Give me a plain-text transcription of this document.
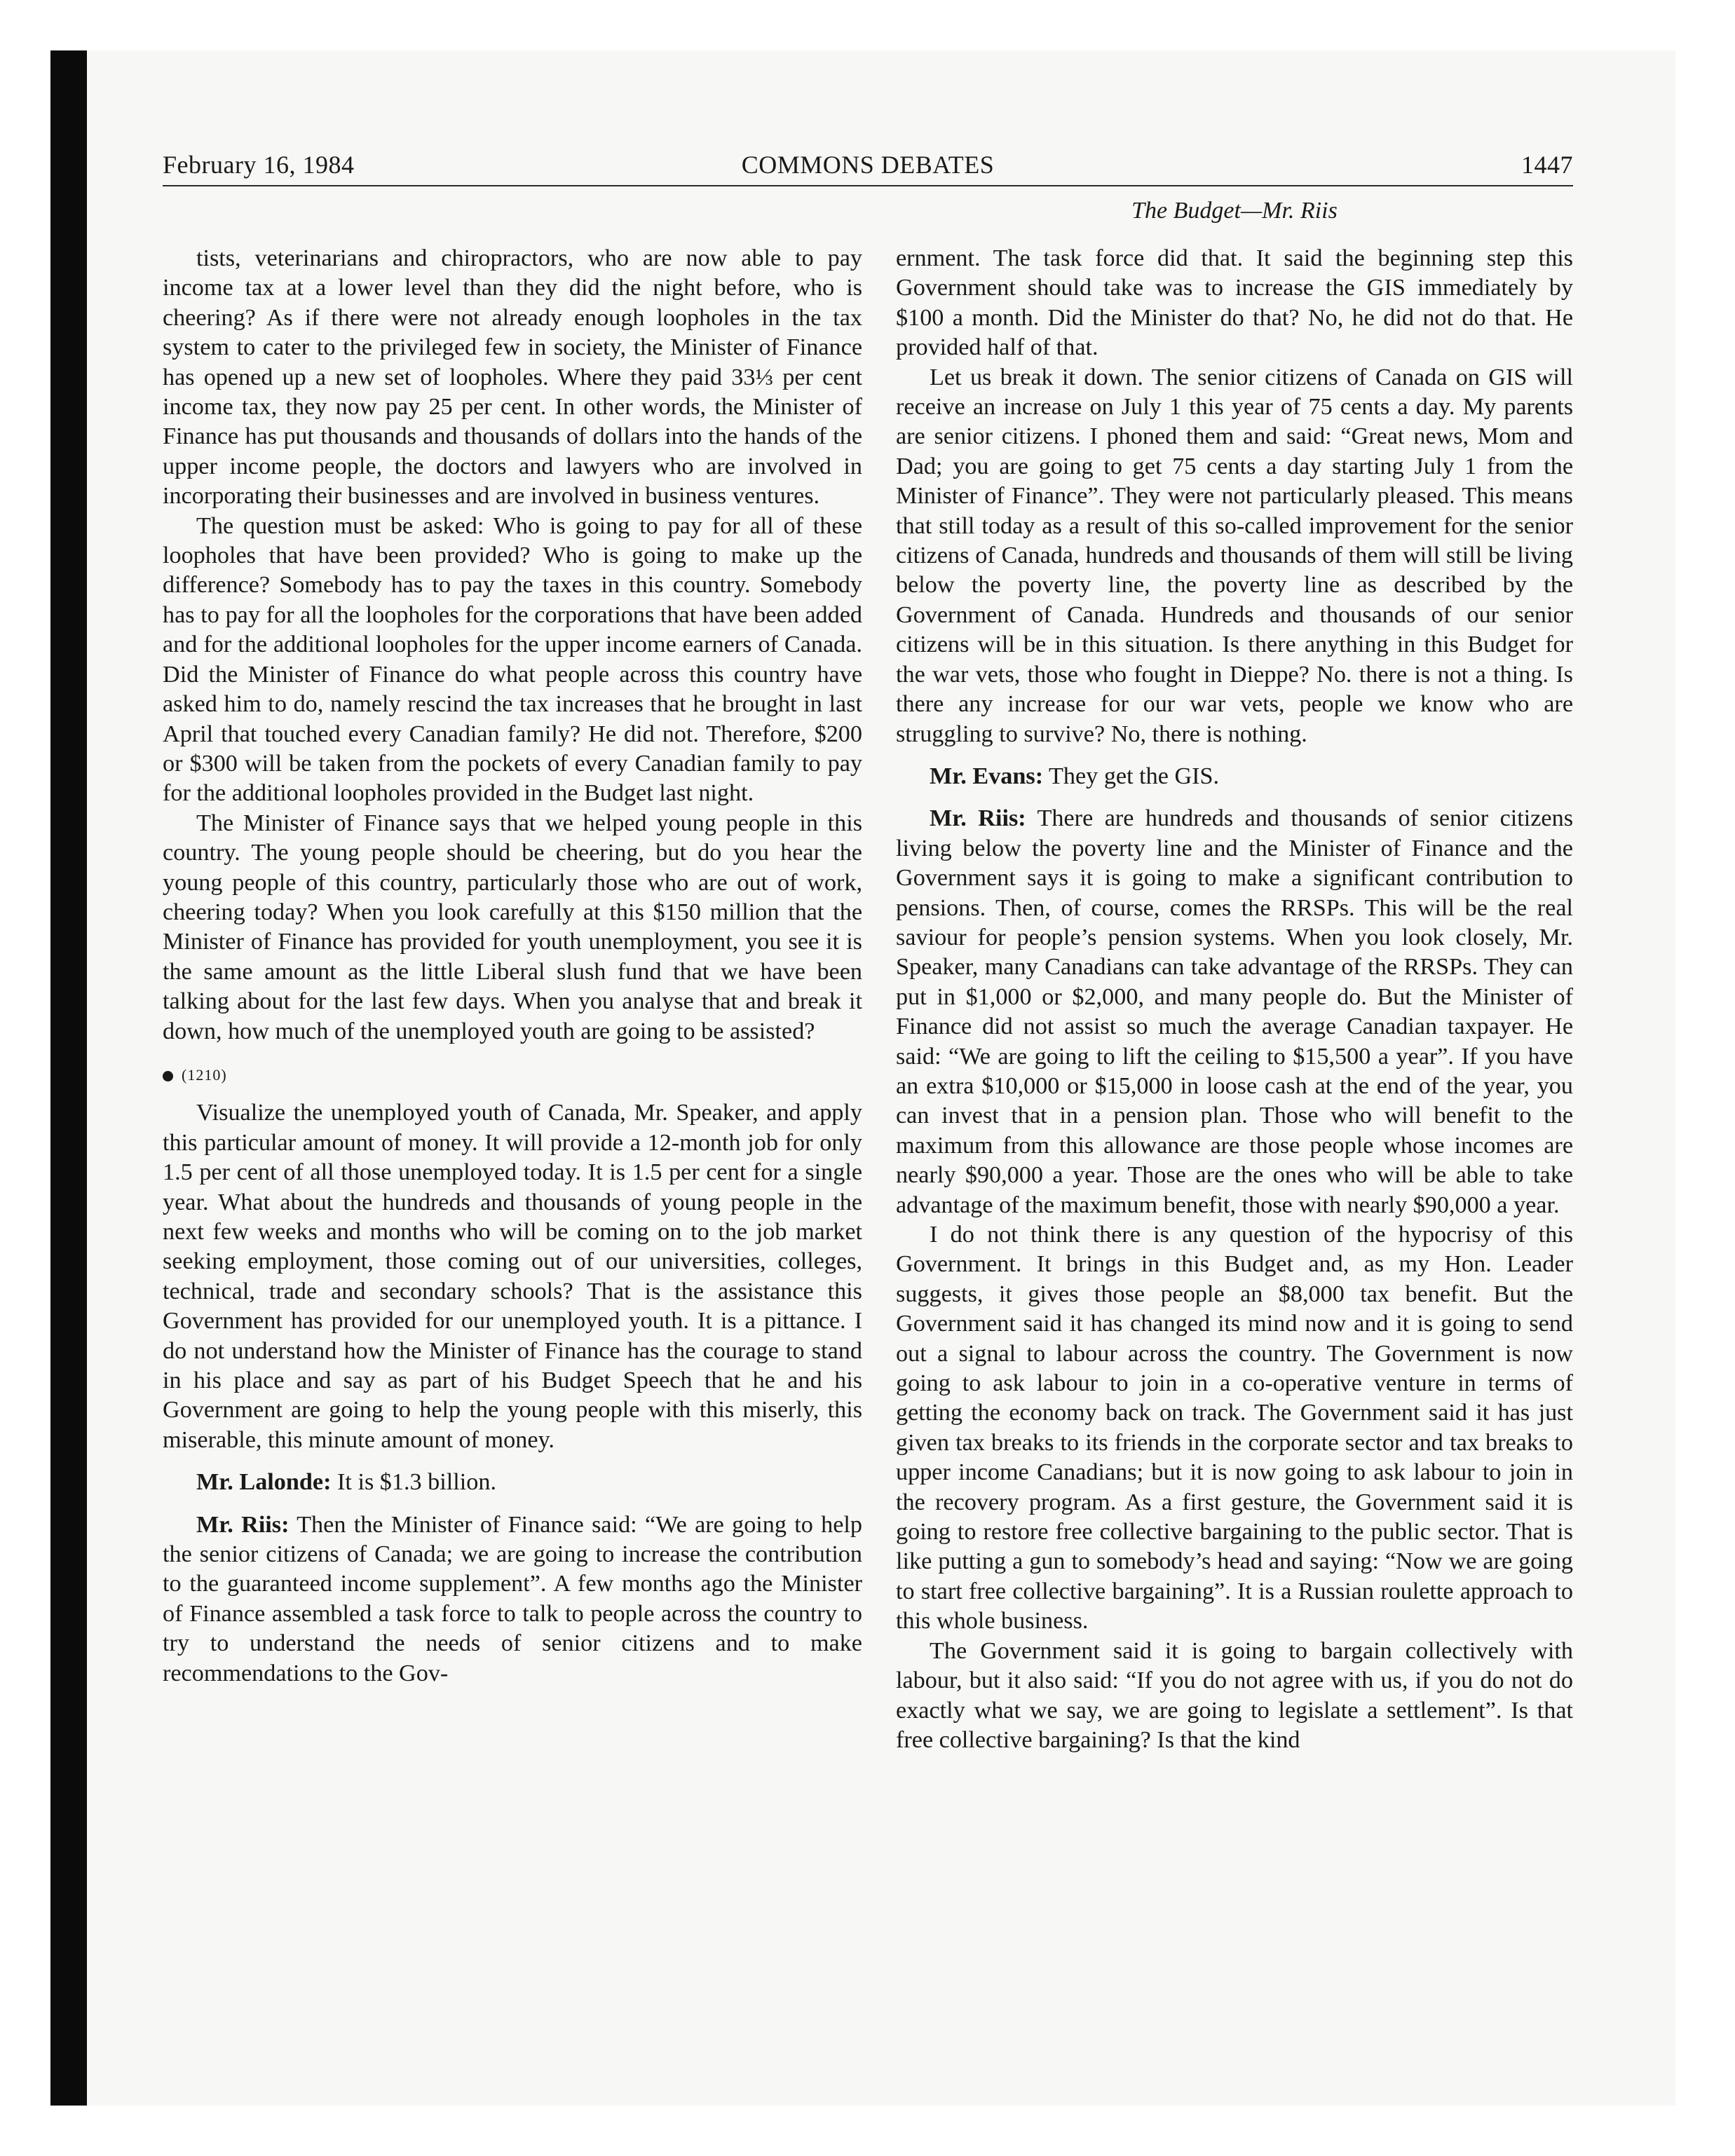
February 16, 1984	COMMONS DEBATES	1447
The Budget—Mr. Riis

tists, veterinarians and chiropractors, who are now able to pay income tax at a lower level than they did the night before, who is cheering? As if there were not already enough loopholes in the tax system to cater to the privileged few in society, the Minister of Finance has opened up a new set of loopholes. Where they paid 33⅓ per cent income tax, they now pay 25 per cent. In other words, the Minister of Finance has put thousands and thousands of dollars into the hands of the upper income people, the doctors and lawyers who are involved in incorporating their businesses and are involved in business ventures.

The question must be asked: Who is going to pay for all of these loopholes that have been provided? Who is going to make up the difference? Somebody has to pay the taxes in this country. Somebody has to pay for all the loopholes for the corporations that have been added and for the additional loopholes for the upper income earners of Canada. Did the Minister of Finance do what people across this country have asked him to do, namely rescind the tax increases that he brought in last April that touched every Canadian family? He did not. Therefore, $200 or $300 will be taken from the pockets of every Canadian family to pay for the additional loopholes provided in the Budget last night.

The Minister of Finance says that we helped young people in this country. The young people should be cheering, but do you hear the young people of this country, particularly those who are out of work, cheering today? When you look carefully at this $150 million that the Minister of Finance has provided for youth unemployment, you see it is the same amount as the little Liberal slush fund that we have been talking about for the last few days. When you analyse that and break it down, how much of the unemployed youth are going to be assisted?

(1210)

Visualize the unemployed youth of Canada, Mr. Speaker, and apply this particular amount of money. It will provide a 12-month job for only 1.5 per cent of all those unemployed today. It is 1.5 per cent for a single year. What about the hundreds and thousands of young people in the next few weeks and months who will be coming on to the job market seeking employment, those coming out of our universities, colleges, technical, trade and secondary schools? That is the assistance this Government has provided for our unemployed youth. It is a pittance. I do not understand how the Minister of Finance has the courage to stand in his place and say as part of his Budget Speech that he and his Government are going to help the young people with this miserly, this miserable, this minute amount of money.

Mr. Lalonde: It is $1.3 billion.

Mr. Riis: Then the Minister of Finance said: “We are going to help the senior citizens of Canada; we are going to increase the contribution to the guaranteed income supplement”. A few months ago the Minister of Finance assembled a task force to talk to people across the country to try to understand the needs of senior citizens and to make recommendations to the Gov-

ernment. The task force did that. It said the beginning step this Government should take was to increase the GIS immediately by $100 a month. Did the Minister do that? No, he did not do that. He provided half of that.

Let us break it down. The senior citizens of Canada on GIS will receive an increase on July 1 this year of 75 cents a day. My parents are senior citizens. I phoned them and said: “Great news, Mom and Dad; you are going to get 75 cents a day starting July 1 from the Minister of Finance”. They were not particularly pleased. This means that still today as a result of this so-called improvement for the senior citizens of Canada, hundreds and thousands of them will still be living below the poverty line, the poverty line as described by the Government of Canada. Hundreds and thousands of our senior citizens will be in this situation. Is there anything in this Budget for the war vets, those who fought in Dieppe? No. there is not a thing. Is there any increase for our war vets, people we know who are struggling to survive? No, there is nothing.

Mr. Evans: They get the GIS.

Mr. Riis: There are hundreds and thousands of senior citizens living below the poverty line and the Minister of Finance and the Government says it is going to make a significant contribution to pensions. Then, of course, comes the RRSPs. This will be the real saviour for people’s pension systems. When you look closely, Mr. Speaker, many Canadians can take advantage of the RRSPs. They can put in $1,000 or $2,000, and many people do. But the Minister of Finance did not assist so much the average Canadian taxpayer. He said: “We are going to lift the ceiling to $15,500 a year”. If you have an extra $10,000 or $15,000 in loose cash at the end of the year, you can invest that in a pension plan. Those who will benefit to the maximum from this allowance are those people whose incomes are nearly $90,000 a year. Those are the ones who will be able to take advantage of the maximum benefit, those with nearly $90,000 a year.

I do not think there is any question of the hypocrisy of this Government. It brings in this Budget and, as my Hon. Leader suggests, it gives those people an $8,000 tax benefit. But the Government said it has changed its mind now and it is going to send out a signal to labour across the country. The Government is now going to ask labour to join in a co-operative venture in terms of getting the economy back on track. The Government said it has just given tax breaks to its friends in the corporate sector and tax breaks to upper income Canadians; but it is now going to ask labour to join in the recovery program. As a first gesture, the Government said it is going to restore free collective bargaining to the public sector. That is like putting a gun to somebody’s head and saying: “Now we are going to start free collective bargaining”. It is a Russian roulette approach to this whole business.

The Government said it is going to bargain collectively with labour, but it also said: “If you do not agree with us, if you do not do exactly what we say, we are going to legislate a settlement”. Is that free collective bargaining? Is that the kind
